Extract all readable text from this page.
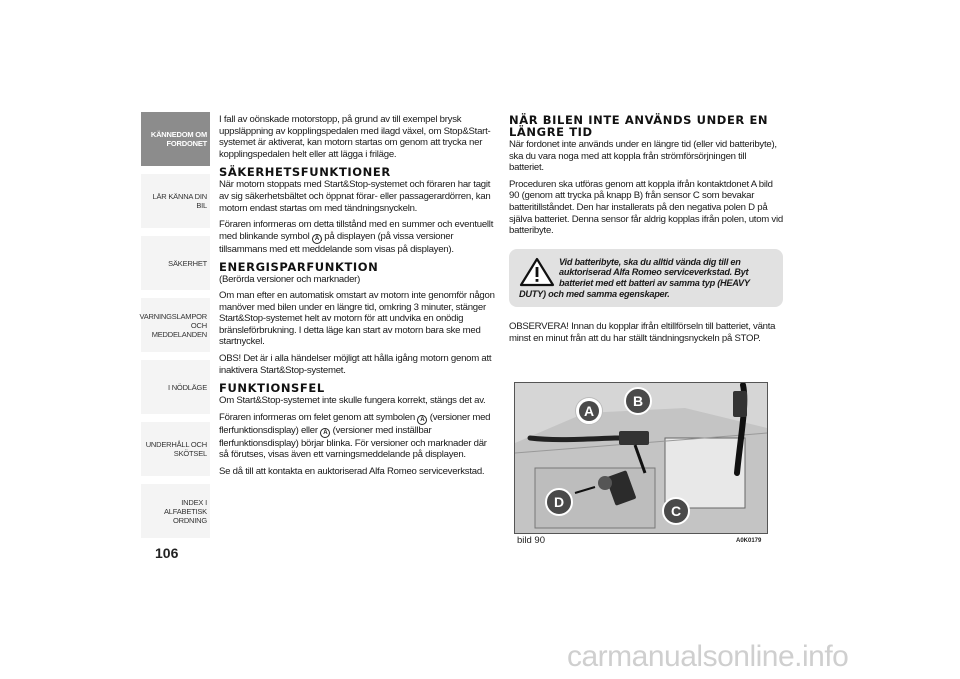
KÄNNEDOM OM FORDONET
LÄR KÄNNA DIN BIL
SÄKERHET
VARNINGSLAMPOR OCH MEDDELANDEN
I NÖDLÄGE
UNDERHÅLL OCH SKÖTSEL
INDEX I ALFABETISK ORDNING
106

I fall av oönskade motorstopp, på grund av till exempel brysk uppsläppning av kopplingspedalen med ilagd växel, om Stop&Start-systemet är aktiverat, kan motorn startas om genom att trycka ner kopplingspedalen helt eller att lägga i friläge.

SÄKERHETSFUNKTIONER

När motorn stoppats med Start&Stop-systemet och föraren har tagit av sig säkerhetsbältet och öppnat förar- eller passagerardörren, kan motorn endast startas om med tändningsnyckeln.

Föraren informeras om detta tillstånd med en summer och eventuellt med blinkande symbol A på displayen (på vissa versioner tillsammans med ett meddelande som visas på displayen).

ENERGISPARFUNKTION

(Berörda versioner och marknader)

Om man efter en automatisk omstart av motorn inte genomför någon manöver med bilen under en längre tid, omkring 3 minuter, stänger Start&Stop-systemet helt av motorn för att undvika en onödig bränsleförbrukning. I detta läge kan start av motorn bara ske med startnyckel.

OBS! Det är i alla händelser möjligt att hålla igång motorn genom att inaktivera Start&Stop-systemet.

FUNKTIONSFEL

Om Start&Stop-systemet inte skulle fungera korrekt, stängs det av.

Föraren informeras om felet genom att symbolen A (versioner med flerfunktionsdisplay) eller A (versioner med inställbar flerfunktionsdisplay) börjar blinka. För versioner och marknader där så förutses, visas även ett varningsmeddelande på displayen.

Se då till att kontakta en auktoriserad Alfa Romeo serviceverkstad.

NÄR BILEN INTE ANVÄNDS UNDER EN LÄNGRE TID

När fordonet inte används under en längre tid (eller vid batteribyte), ska du vara noga med att koppla från strömförsörjningen till batteriet.

Proceduren ska utföras genom att koppla ifrån kontaktdonet A bild 90 (genom att trycka på knapp B) från sensor C som bevakar batteritillståndet. Den har installerats på den negativa polen D på själva batteriet. Denna sensor får aldrig kopplas ifrån polen, utom vid batteribyte.

Vid batteribyte, ska du alltid vända dig till en auktoriserad Alfa Romeo serviceverkstad. Byt batteriet med ett batteri av samma typ (HEAVY DUTY) och med samma egenskaper.

OBSERVERA! Innan du kopplar ifrån eltillförseln till batteriet, vänta minst en minut från att du har ställt tändningsnyckeln på STOP.

A
B
C
D
bild 90	A0K0179
carmanualsonline.info
